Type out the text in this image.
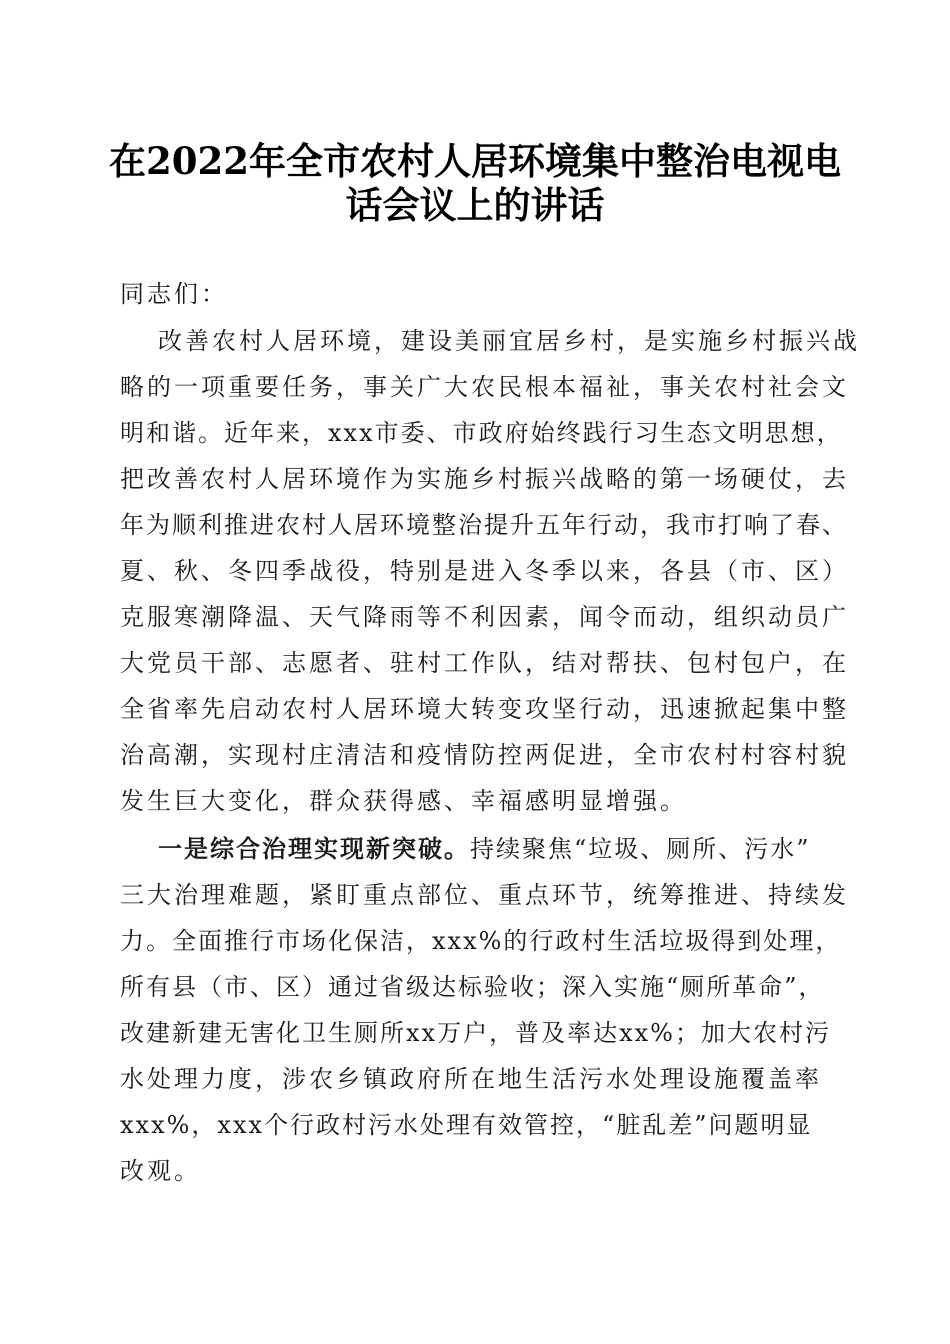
在2022年全市农村人居环境集中整治电视电
话会议上的讲话
同志们：
改善农村人居环境，建设美丽宜居乡村，是实施乡村振兴战
略的一项重要任务，事关广大农民根本福祉，事关农村社会文
明和谐。近年来，xxx市委、市政府始终践行习生态文明思想，
把改善农村人居环境作为实施乡村振兴战略的第一场硬仗，去
年为顺利推进农村人居环境整治提升五年行动，我市打响了春、
夏、秋、冬四季战役，特别是进入冬季以来，各县（市、区）
克服寒潮降温、天气降雨等不利因素，闻令而动，组织动员广
大党员干部、志愿者、驻村工作队，结对帮扶、包村包户，在
全省率先启动农村人居环境大转变攻坚行动，迅速掀起集中整
治高潮，实现村庄清洁和疫情防控两促进，全市农村村容村貌
发生巨大变化，群众获得感、幸福感明显增强。
一是综合治理实现新突破。持续聚焦“垃圾、厕所、污水”
三大治理难题，紧盯重点部位、重点环节，统筹推进、持续发
力。全面推行市场化保洁，xxx%的行政村生活垃圾得到处理，
所有县（市、区）通过省级达标验收；深入实施“厕所革命”，
改建新建无害化卫生厕所xx万户，普及率达xx%；加大农村污
水处理力度，涉农乡镇政府所在地生活污水处理设施覆盖率
xxx%，xxx个行政村污水处理有效管控，“脏乱差”问题明显
改观。
